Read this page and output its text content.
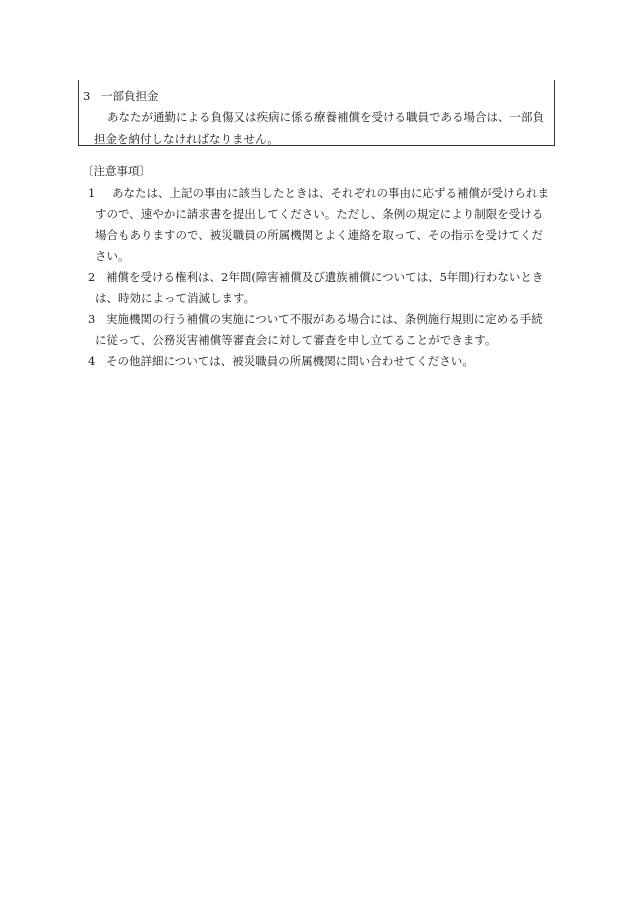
3 一部負担金
あなたが通勤による負傷又は疾病に係る療養補償を受ける職員である場合は、一部負
担金を納付しなければなりません。
〔注意事項〕
1 あなたは、上記の事由に該当したときは、それぞれの事由に応ずる補償が受けられま
すので、速やかに請求書を提出してください。ただし、条例の規定により制限を受ける
場合もありますので、被災職員の所属機関とよく連絡を取って、その指示を受けてくだ
さい。
2 補償を受ける権利は、2年間(障害補償及び遺族補償については、5年間)行わないとき
は、時効によって消滅します。
3 実施機関の行う補償の実施について不服がある場合には、条例施行規則に定める手続
に従って、公務災害補償等審査会に対して審査を申し立てることができます。
4 その他詳細については、被災職員の所属機関に問い合わせてください。
